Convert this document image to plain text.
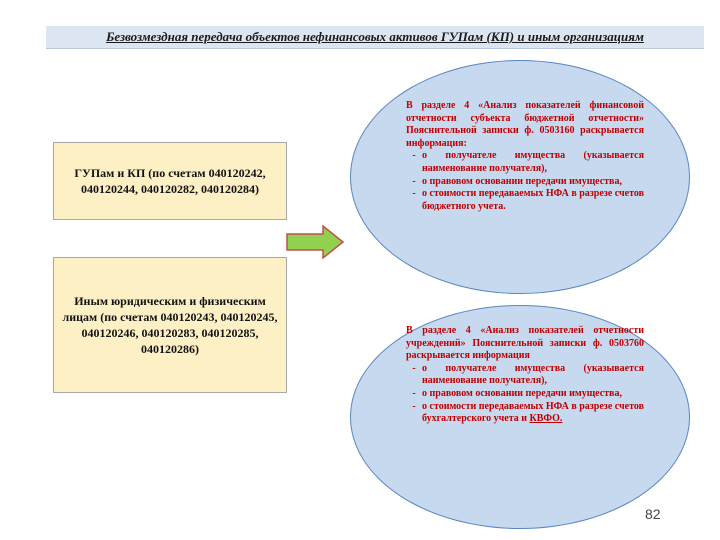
Безвозмездная передача объектов нефинансовых активов ГУПам (КП) и иным организациям
ГУПам и КП (по счетам 040120242, 040120244, 040120282, 040120284)
Иным юридическим и физическим лицам (по счетам 040120243, 040120245, 040120246, 040120283, 040120285, 040120286)
В разделе 4 «Анализ показателей финансовой отчетности субъекта бюджетной отчетности» Пояснительной записки ф. 0503160 раскрывается информация:
- о получателе имущества (указывается наименование получателя),
- о правовом основании передачи имущества,
- о стоимости передаваемых НФА в разрезе счетов бюджетного учета.
В разделе 4 «Анализ показателей отчетности учреждений» Пояснительной записки ф. 0503760 раскрывается информация
- о получателе имущества (указывается наименование получателя),
- о правовом основании передачи имущества,
- о стоимости передаваемых НФА в разрезе счетов бухгалтерского учета и КВФО.
82
